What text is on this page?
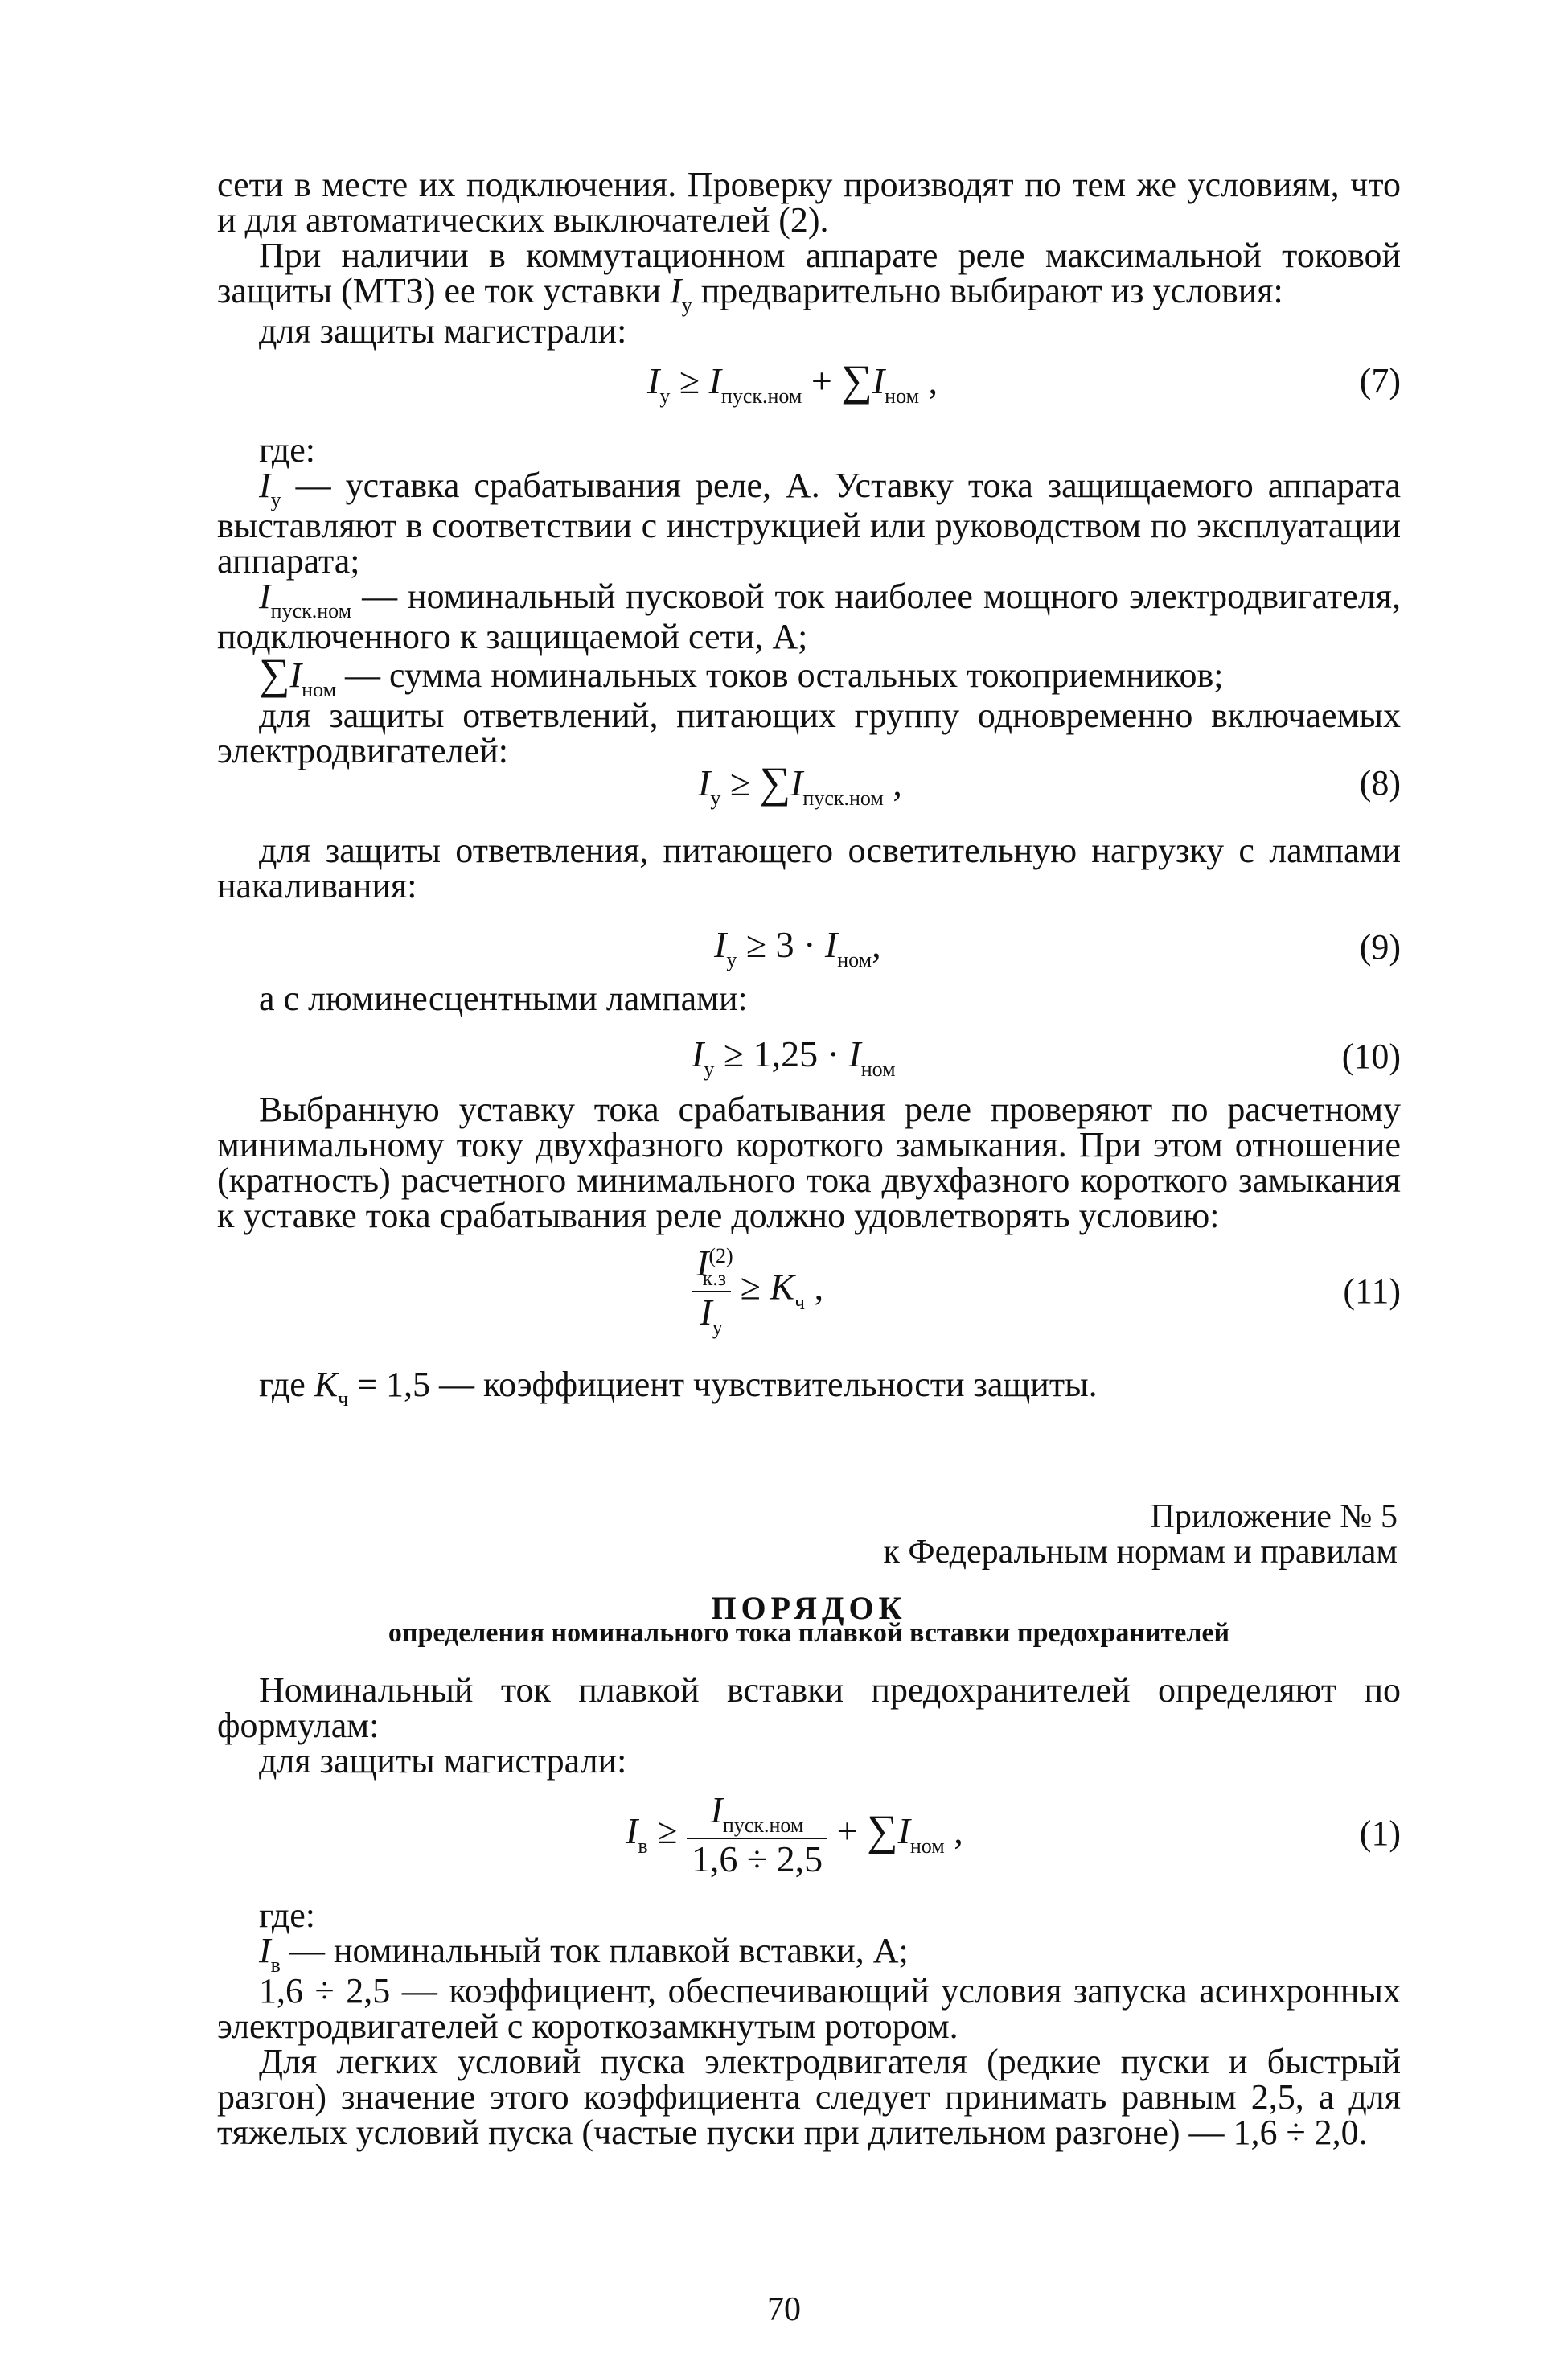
сети в месте их подключения. Проверку производят по тем же условиям, что и для автоматических выключателей (2).

При наличии в коммутационном аппарате реле максимальной токовой защиты (МТЗ) ее ток уставки $I_у$ предварительно выбирают из условия:

для защиты магистрали:

$I_у \ge I_{пуск.ном} + \sum I_{ном}$ ,	(7)

где:

$I_у$ — уставка срабатывания реле, А. Уставку тока защищаемого аппарата выставляют в соответствии с инструкцией или руководством по эксплуатации аппарата;

$I_{пуск.ном}$ — номинальный пусковой ток наиболее мощного электродвигателя, подключенного к защищаемой сети, А;

$\sum I_{ном}$ — сумма номинальных токов остальных токоприемников;

для защиты ответвлений, питающих группу одновременно включаемых электродвигателей:

$I_у \ge \sum I_{пуск.ном}$ ,	(8)

для защиты ответвления, питающего осветительную нагрузку с лампами накаливания:

$I_у \ge 3 \cdot I_{ном}$,	(9)

а с люминесцентными лампами:

$I_у \ge 1,25 \cdot I_{ном}$	(10)

Выбранную уставку тока срабатывания реле проверяют по расчетному минимальному току двухфазного короткого замыкания. При этом отношение (кратность) расчетного минимального тока двухфазного короткого замыкания к уставке тока срабатывания реле должно удовлетворять условию:

$\frac{I^{(2)}_{к.з}}{I_у} \ge K_ч$ ,	(11)

где $K_ч = 1,5$ — коэффициент чувствительности защиты.

Приложение № 5
к Федеральным нормам и правилам
ПОРЯДОК
определения номинального тока плавкой вставки предохранителей

Номинальный ток плавкой вставки предохранителей определяют по формулам:

для защиты магистрали:

$I_в \ge \frac{I_{пуск.ном}}{1,6 \div 2,5} + \sum I_{ном}$ ,	(1)

где:

$I_в$ — номинальный ток плавкой вставки, А;

1,6 ÷ 2,5 — коэффициент, обеспечивающий условия запуска асинхронных электродвигателей с короткозамкнутым ротором.

Для легких условий пуска электродвигателя (редкие пуски и быстрый разгон) значение этого коэффициента следует принимать равным 2,5, а для тяжелых условий пуска (частые пуски при длительном разгоне) — 1,6 ÷ 2,0.

70
